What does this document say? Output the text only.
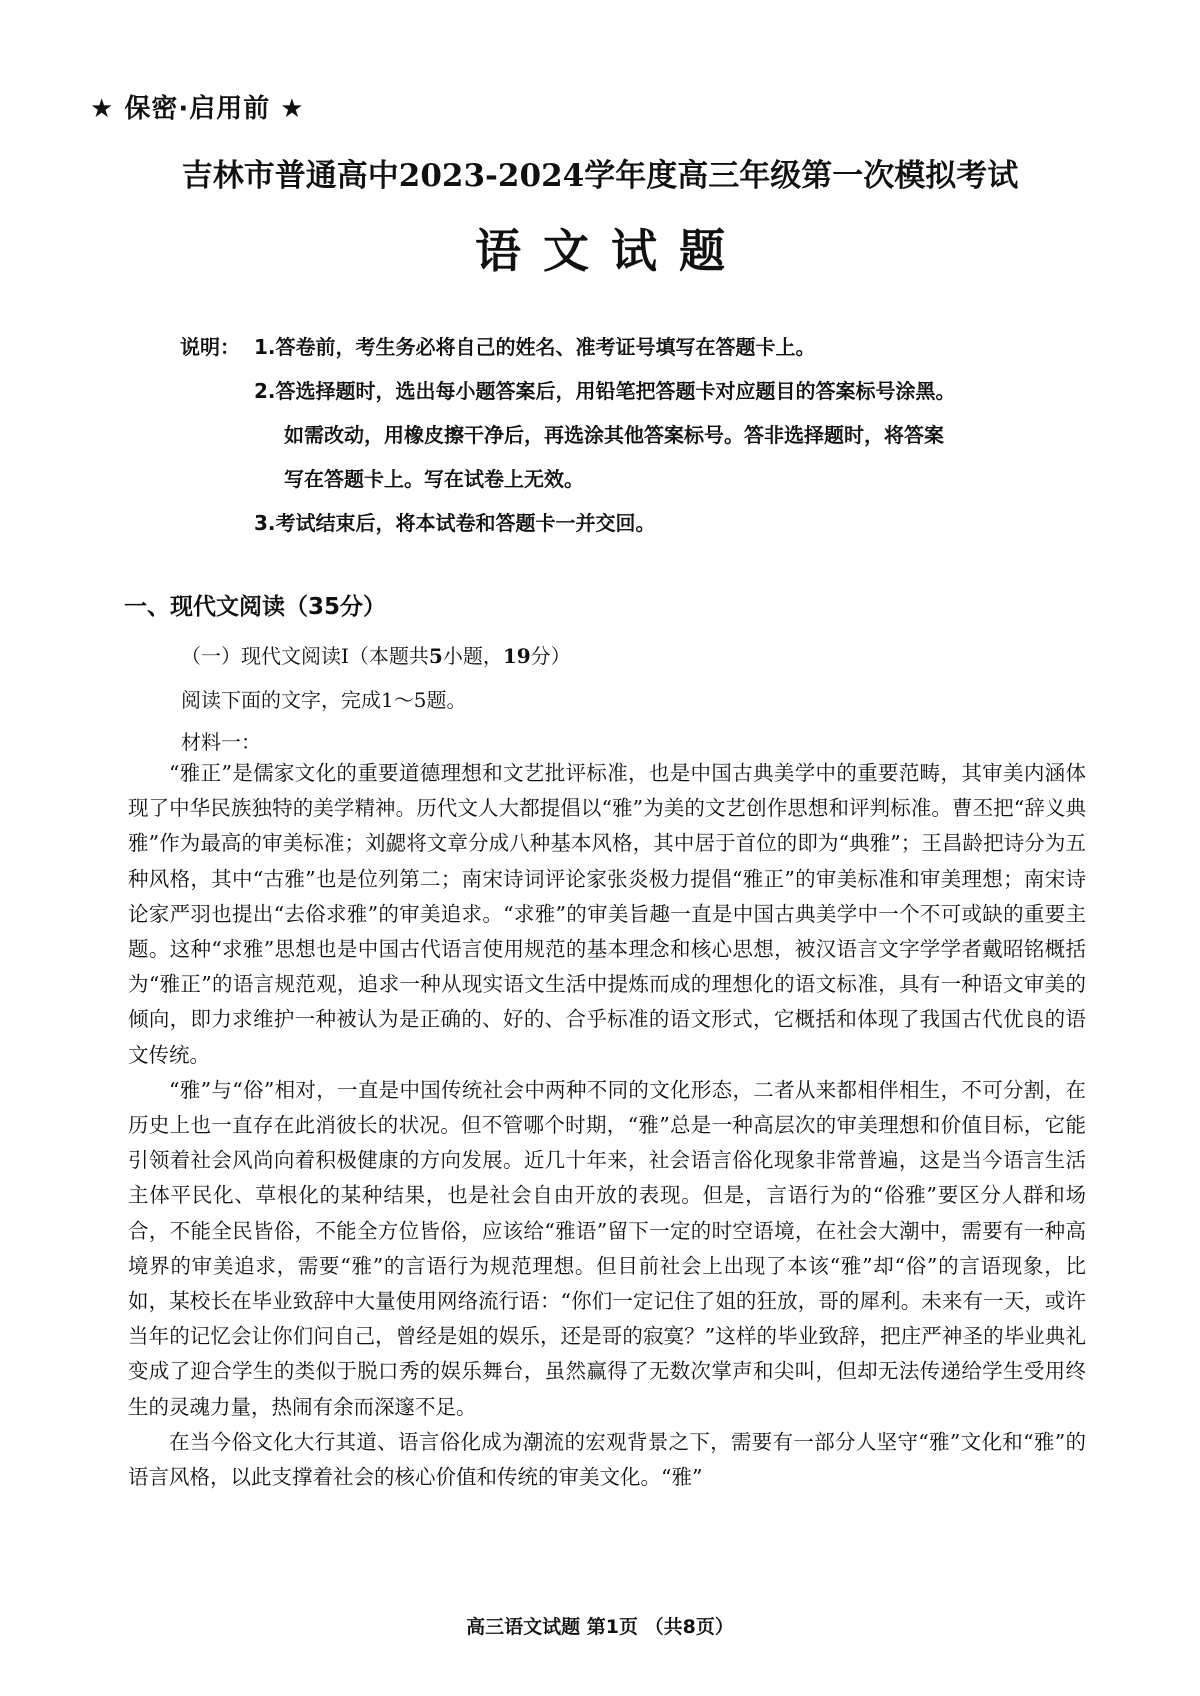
★ 保密·启用前 ★
吉林市普通高中2023-2024学年度高三年级第一次模拟考试
语文试题
说明： 1.答卷前，考生务必将自己的姓名、准考证号填写在答题卡上。
2.答选择题时，选出每小题答案后，用铅笔把答题卡对应题目的答案标号涂黑。
如需改动，用橡皮擦干净后，再选涂其他答案标号。答非选择题时，将答案
写在答题卡上。写在试卷上无效。
3.考试结束后，将本试卷和答题卡一并交回。
一、现代文阅读（35分）
（一）现代文阅读Ⅰ（本题共5小题，19分）
阅读下面的文字，完成1～5题。
材料一：

“雅正”是儒家文化的重要道德理想和文艺批评标准，也是中国古典美学中的重要范畴，其审美内涵体现了中华民族独特的美学精神。历代文人大都提倡以“雅”为美的文艺创作思想和评判标准。曹丕把“辞义典雅”作为最高的审美标准；刘勰将文章分成八种基本风格，其中居于首位的即为“典雅”；王昌龄把诗分为五种风格，其中“古雅”也是位列第二；南宋诗词评论家张炎极力提倡“雅正”的审美标准和审美理想；南宋诗论家严羽也提出“去俗求雅”的审美追求。“求雅”的审美旨趣一直是中国古典美学中一个不可或缺的重要主题。这种“求雅”思想也是中国古代语言使用规范的基本理念和核心思想，被汉语言文字学学者戴昭铭概括为“雅正”的语言规范观，追求一种从现实语文生活中提炼而成的理想化的语文标准，具有一种语文审美的倾向，即力求维护一种被认为是正确的、好的、合乎标准的语文形式，它概括和体现了我国古代优良的语文传统。

“雅”与“俗”相对，一直是中国传统社会中两种不同的文化形态，二者从来都相伴相生，不可分割，在历史上也一直存在此消彼长的状况。但不管哪个时期，“雅”总是一种高层次的审美理想和价值目标，它能引领着社会风尚向着积极健康的方向发展。近几十年来，社会语言俗化现象非常普遍，这是当今语言生活主体平民化、草根化的某种结果，也是社会自由开放的表现。但是，言语行为的“俗雅”要区分人群和场合，不能全民皆俗，不能全方位皆俗，应该给“雅语”留下一定的时空语境，在社会大潮中，需要有一种高境界的审美追求，需要“雅”的言语行为规范理想。但目前社会上出现了本该“雅”却“俗”的言语现象，比如，某校长在毕业致辞中大量使用网络流行语：“你们一定记住了姐的狂放，哥的犀利。未来有一天，或许当年的记忆会让你们问自己，曾经是姐的娱乐，还是哥的寂寞？”这样的毕业致辞，把庄严神圣的毕业典礼变成了迎合学生的类似于脱口秀的娱乐舞台，虽然赢得了无数次掌声和尖叫，但却无法传递给学生受用终生的灵魂力量，热闹有余而深邃不足。

在当今俗文化大行其道、语言俗化成为潮流的宏观背景之下，需要有一部分人坚守“雅”文化和“雅”的语言风格，以此支撑着社会的核心价值和传统的审美文化。“雅”

高三语文试题 第1页 （共8页）
